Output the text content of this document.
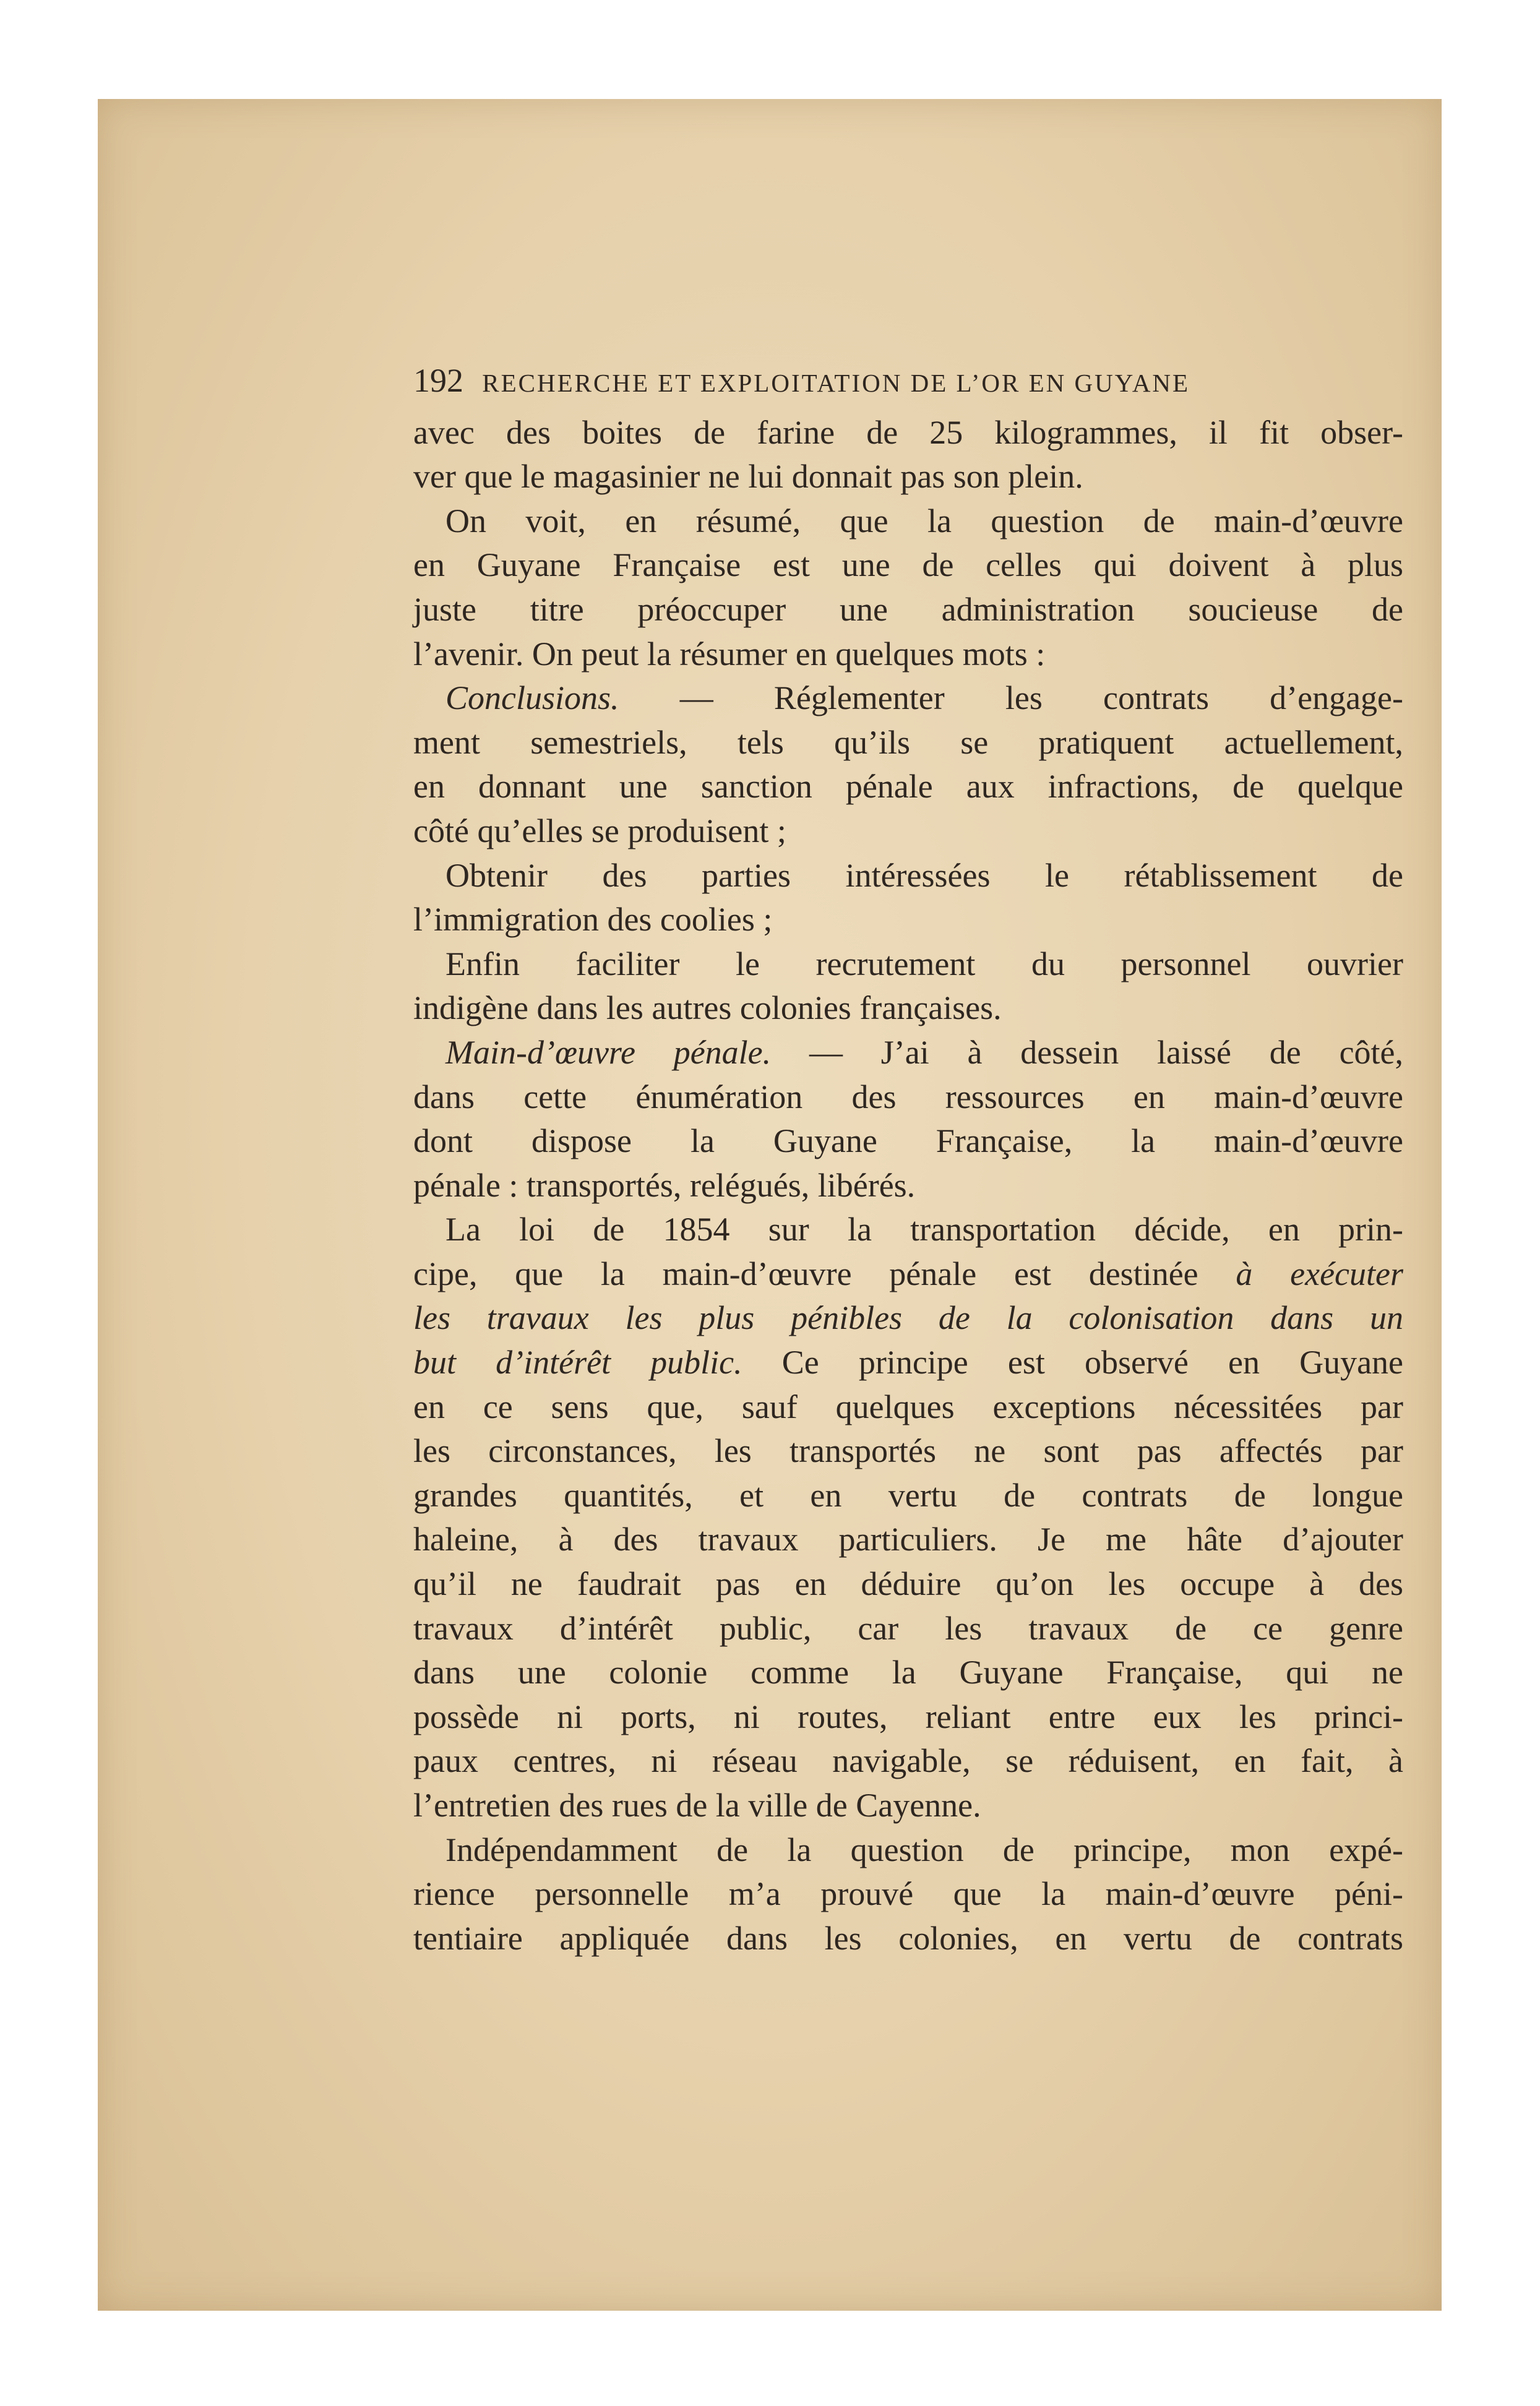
192 RECHERCHE ET EXPLOITATION DE L’OR EN GUYANE
avec des boites de farine de 25 kilogrammes, il fit obser-
ver que le magasinier ne lui donnait pas son plein.
On voit, en résumé, que la question de main-d’œuvre
en Guyane Française est une de celles qui doivent à plus
juste titre préoccuper une administration soucieuse de
l’avenir. On peut la résumer en quelques mots :
Conclusions. — Réglementer les contrats d’engage-
ment semestriels, tels qu’ils se pratiquent actuellement,
en donnant une sanction pénale aux infractions, de quelque
côté qu’elles se produisent ;
Obtenir des parties intéressées le rétablissement de
l’immigration des coolies ;
Enfin faciliter le recrutement du personnel ouvrier
indigène dans les autres colonies françaises.
Main-d’œuvre pénale. — J’ai à dessein laissé de côté,
dans cette énumération des ressources en main-d’œuvre
dont dispose la Guyane Française, la main-d’œuvre
pénale : transportés, relégués, libérés.
La loi de 1854 sur la transportation décide, en prin-
cipe, que la main-d’œuvre pénale est destinée à exécuter
les travaux les plus pénibles de la colonisation dans un
but d’intérêt public. Ce principe est observé en Guyane
en ce sens que, sauf quelques exceptions nécessitées par
les circonstances, les transportés ne sont pas affectés par
grandes quantités, et en vertu de contrats de longue
haleine, à des travaux particuliers. Je me hâte d’ajouter
qu’il ne faudrait pas en déduire qu’on les occupe à des
travaux d’intérêt public, car les travaux de ce genre
dans une colonie comme la Guyane Française, qui ne
possède ni ports, ni routes, reliant entre eux les princi-
paux centres, ni réseau navigable, se réduisent, en fait, à
l’entretien des rues de la ville de Cayenne.
Indépendamment de la question de principe, mon expé-
rience personnelle m’a prouvé que la main-d’œuvre péni-
tentiaire appliquée dans les colonies, en vertu de contrats
